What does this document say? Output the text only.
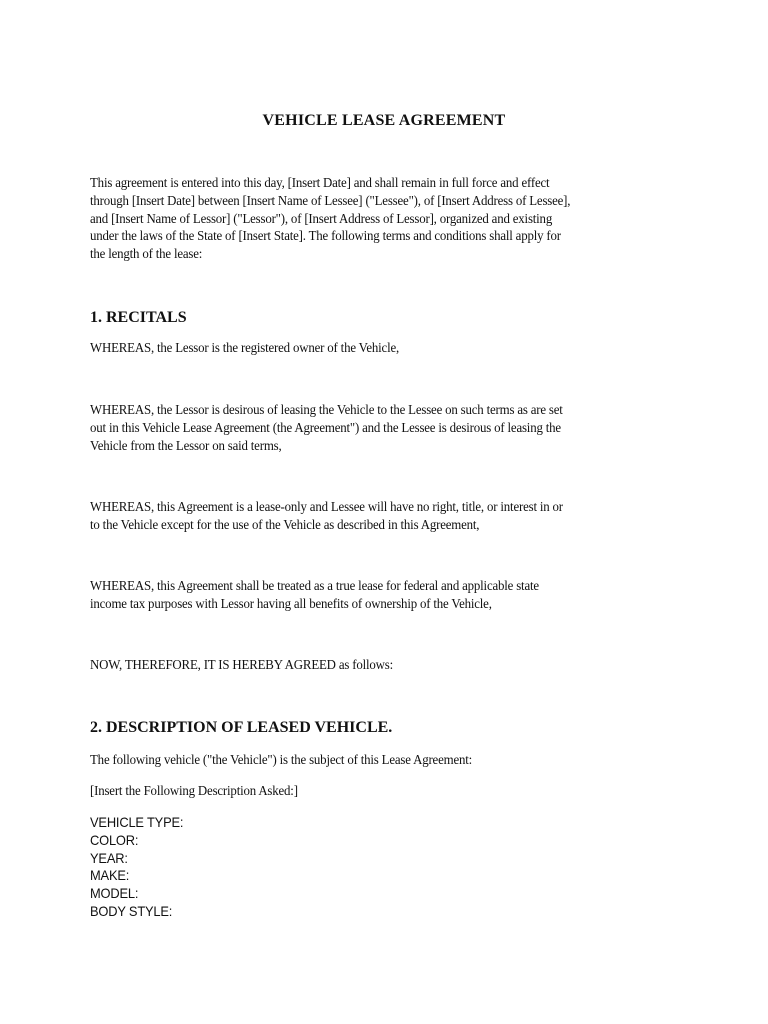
VEHICLE LEASE AGREEMENT
This agreement is entered into this day, [Insert Date] and shall remain in full force and effect
through [Insert Date] between [Insert Name of Lessee] ("Lessee"), of [Insert Address of Lessee],
and [Insert Name of Lessor] ("Lessor"), of [Insert Address of Lessor], organized and existing
under the laws of the State of [Insert State]. The following terms and conditions shall apply for
the length of the lease:
1. RECITALS
WHEREAS, the Lessor is the registered owner of the Vehicle,
WHEREAS, the Lessor is desirous of leasing the Vehicle to the Lessee on such terms as are set
out in this Vehicle Lease Agreement (the Agreement") and the Lessee is desirous of leasing the
Vehicle from the Lessor on said terms,
WHEREAS, this Agreement is a lease-only and Lessee will have no right, title, or interest in or
to the Vehicle except for the use of the Vehicle as described in this Agreement,
WHEREAS, this Agreement shall be treated as a true lease for federal and applicable state
income tax purposes with Lessor having all benefits of ownership of the Vehicle,
NOW, THEREFORE, IT IS HEREBY AGREED as follows:
2. DESCRIPTION OF LEASED VEHICLE.
The following vehicle ("the Vehicle") is the subject of this Lease Agreement:
[Insert the Following Description Asked:]
VEHICLE TYPE:
COLOR:
YEAR:
MAKE:
MODEL:
BODY STYLE:
